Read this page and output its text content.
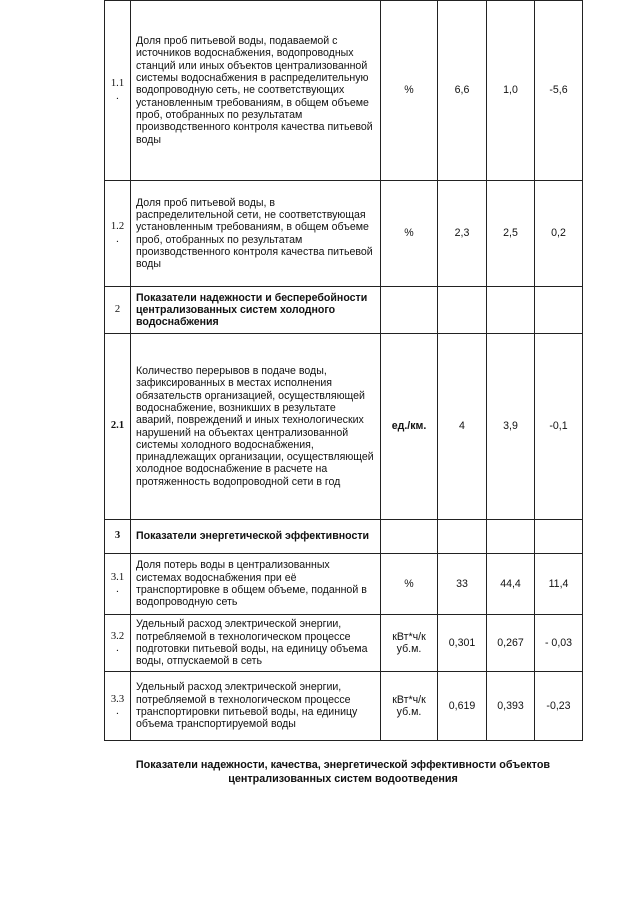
1.1
.	Доля проб питьевой воды, подаваемой с источников водоснабжения, водопроводных станций или иных объектов централизованной системы водоснабжения в распределительную водопроводную сеть, не соответствующих установленным требованиям, в общем объеме проб, отобранных по результатам производственного контроля качества питьевой воды	%	6,6	1,0	-5,6

1.2
.	Доля проб питьевой воды, в распределительной сети, не соответствующая установленным требованиям, в общем объеме проб, отобранных по результатам производственного контроля качества питьевой воды	%	2,3	2,5	0,2

2	Показатели надежности и бесперебойности централизованных систем холодного водоснабжения				

2.1	Количество перерывов в подаче воды, зафиксированных в местах исполнения обязательств организацией, осуществляющей водоснабжение, возникших в результате аварий, повреждений и иных технологических нарушений на объектах централизованной системы холодного водоснабжения, принадлежащих организации, осуществляющей холодное водоснабжение в расчете на протяженность водопроводной сети в год	ед./км.	4	3,9	-0,1

3	Показатели энергетической эффективности				

3.1
.	Доля потерь воды в централизованных системах водоснабжения при её транспортировке в общем объеме, поданной в водопроводную сеть	%	33	44,4	11,4

3.2
.	Удельный расход электрической энергии, потребляемой в технологическом процессе подготовки питьевой воды, на единицу объема воды, отпускаемой в сеть	кВт*ч/к
уб.м.	0,301	0,267	- 0,03

3.3
.	Удельный расход электрической энергии, потребляемой в технологическом процессе транспортировки питьевой воды, на единицу объема транспортируемой воды	кВт*ч/к
уб.м.	0,619	0,393	-0,23
Показатели надежности, качества, энергетической эффективности объектов
централизованных систем водоотведения
